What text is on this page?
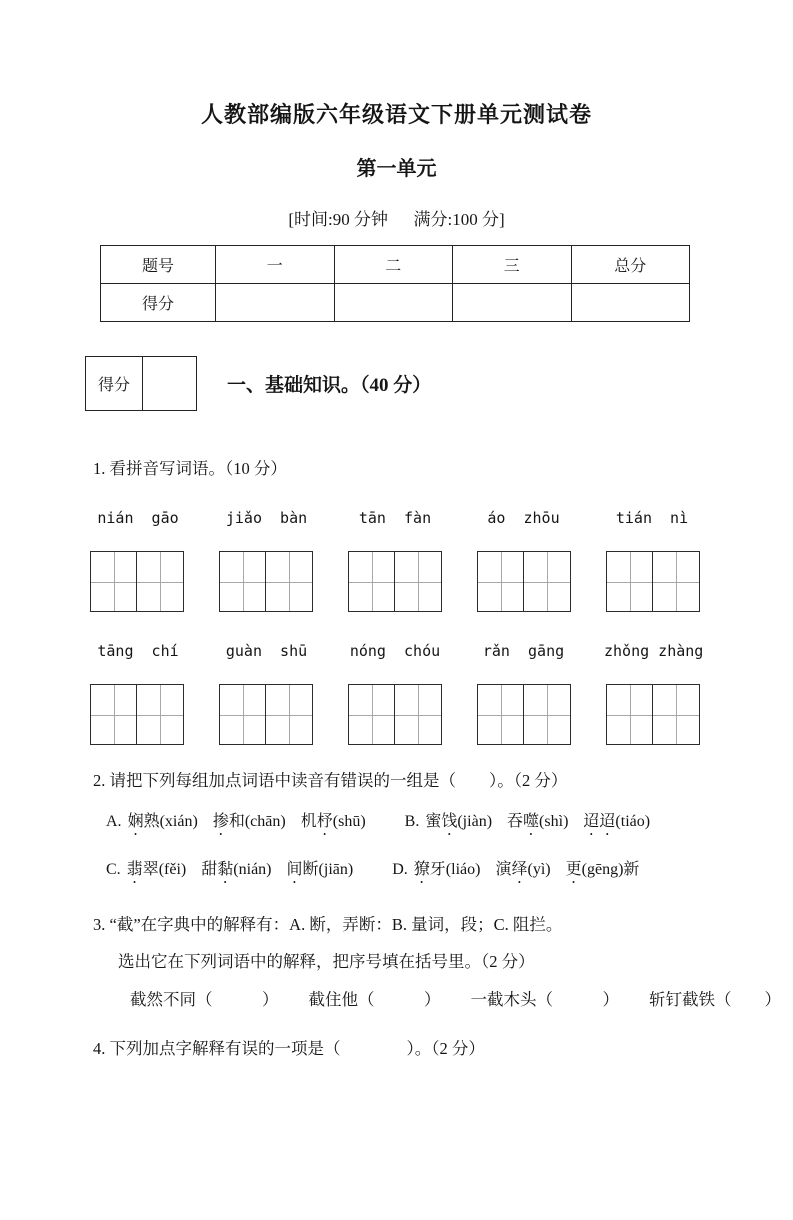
人教部编版六年级语文下册单元测试卷
第一单元
[时间:90 分钟      满分:100 分]
题号	一	二	三	总分
得分				
得分	一、基础知识。（40 分）
1. 看拼音写词语。（10 分）
nián  gāo	jiǎo  bàn	tān  fàn	áo  zhōu	tián  nì
tāng  chí	guàn  shū	nóng  chóu	rǎn  gāng	zhǒng zhàng
2. 请把下列每组加点词语中读音有错误的一组是（　　）。（2 分）
A. 娴熟(xián) 掺和(chān) 机杼(shū) B. 蜜饯(jiàn) 吞噬(shì) 迢迢(tiáo)
C. 翡翠(fěi) 甜黏(nián) 间断(jiān) D. 獠牙(liáo) 演绎(yì) 更(gēng)新
3. “截”在字典中的解释有：A. 断，弄断：B. 量词，段；C. 阻拦。
选出它在下列词语中的解释，把序号填在括号里。（2 分）
截然不同（　　　） 截住他（　　　） 一截木头（　　　） 斩钉截铁（　　）
4. 下列加点字解释有误的一项是（　　　　）。（2 分）
